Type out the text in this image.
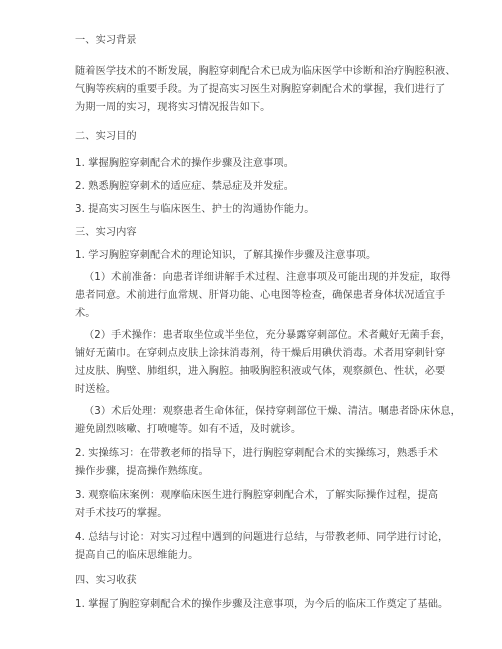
一、实习背景
随着医学技术的不断发展，胸腔穿刺配合术已成为临床医学中诊断和治疗胸腔积液、
气胸等疾病的重要手段。为了提高实习医生对胸腔穿刺配合术的掌握，我们进行了
为期一周的实习，现将实习情况报告如下。
二、实习目的
1. 掌握胸腔穿刺配合术的操作步骤及注意事项。
2. 熟悉胸腔穿刺术的适应症、禁忌症及并发症。
3. 提高实习医生与临床医生、护士的沟通协作能力。
三、实习内容
1. 学习胸腔穿刺配合术的理论知识，了解其操作步骤及注意事项。
（1）术前准备：向患者详细讲解手术过程、注意事项及可能出现的并发症，取得
患者同意。术前进行血常规、肝肾功能、心电图等检查，确保患者身体状况适宜手
术。
（2）手术操作：患者取坐位或半坐位，充分暴露穿刺部位。术者戴好无菌手套，
铺好无菌巾。在穿刺点皮肤上涂抹消毒剂，待干燥后用碘伏消毒。术者用穿刺针穿
过皮肤、胸壁、肺组织，进入胸腔。抽吸胸腔积液或气体，观察颜色、性状，必要
时送检。
（3）术后处理：观察患者生命体征，保持穿刺部位干燥、清洁。嘱患者卧床休息，
避免剧烈咳嗽、打喷嚏等。如有不适，及时就诊。
2. 实操练习：在带教老师的指导下，进行胸腔穿刺配合术的实操练习，熟悉手术
操作步骤，提高操作熟练度。
3. 观察临床案例：观摩临床医生进行胸腔穿刺配合术，了解实际操作过程，提高
对手术技巧的掌握。
4. 总结与讨论：对实习过程中遇到的问题进行总结，与带教老师、同学进行讨论，
提高自己的临床思维能力。
四、实习收获
1. 掌握了胸腔穿刺配合术的操作步骤及注意事项，为今后的临床工作奠定了基础。
